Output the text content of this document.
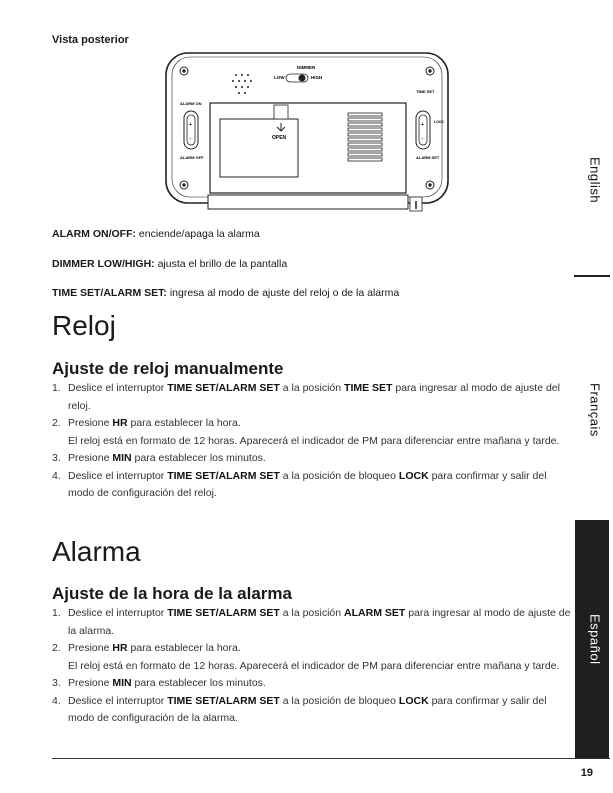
Vista posterior
DIMMER
LOW	HIGH
ALARM ON
+
-
ALARM OFF
OPEN
TIME SET
+
-
LOCK
ALARM SET
ALARM ON/OFF: enciende/apaga la alarma
DIMMER LOW/HIGH: ajusta el brillo de la pantalla
TIME SET/ALARM SET: ingresa al modo de ajuste del reloj o de la alarma
Reloj
Ajuste de reloj manualmente
1. Deslice el interruptor TIME SET/ALARM SET a la posición TIME SET para ingresar al modo de ajuste del reloj.
2. Presione HR para establecer la hora.
El reloj está en formato de 12 horas. Aparecerá el indicador de PM para diferenciar entre mañana y tarde.
3. Presione MIN para establecer los minutos.
4. Deslice el interruptor TIME SET/ALARM SET a la posición de bloqueo LOCK para confirmar y salir del modo de configuración del reloj.
Alarma
Ajuste de la hora de la alarma
1. Deslice el interruptor TIME SET/ALARM SET a la posición ALARM SET para ingresar al modo de ajuste de la alarma.
2. Presione HR para establecer la hora.
El reloj está en formato de 12 horas. Aparecerá el indicador de PM para diferenciar entre mañana y tarde.
3. Presione MIN para establecer los minutos.
4. Deslice el interruptor TIME SET/ALARM SET a la posición de bloqueo LOCK para confirmar y salir del modo de configuración de la alarma.
English
Français
Español
19
